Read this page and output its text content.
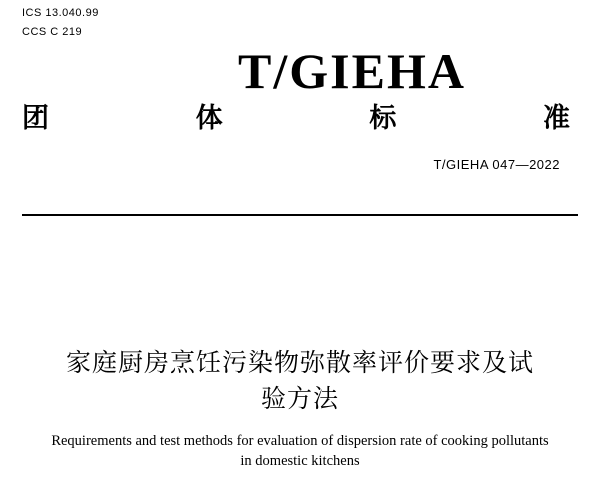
ICS 13.040.99
CCS C 219
T/GIEHA
团	体	标	准
T/GIEHA 047—2022
家庭厨房烹饪污染物弥散率评价要求及试
验方法
Requirements and test methods for evaluation of dispersion rate of cooking pollutants
in domestic kitchens
